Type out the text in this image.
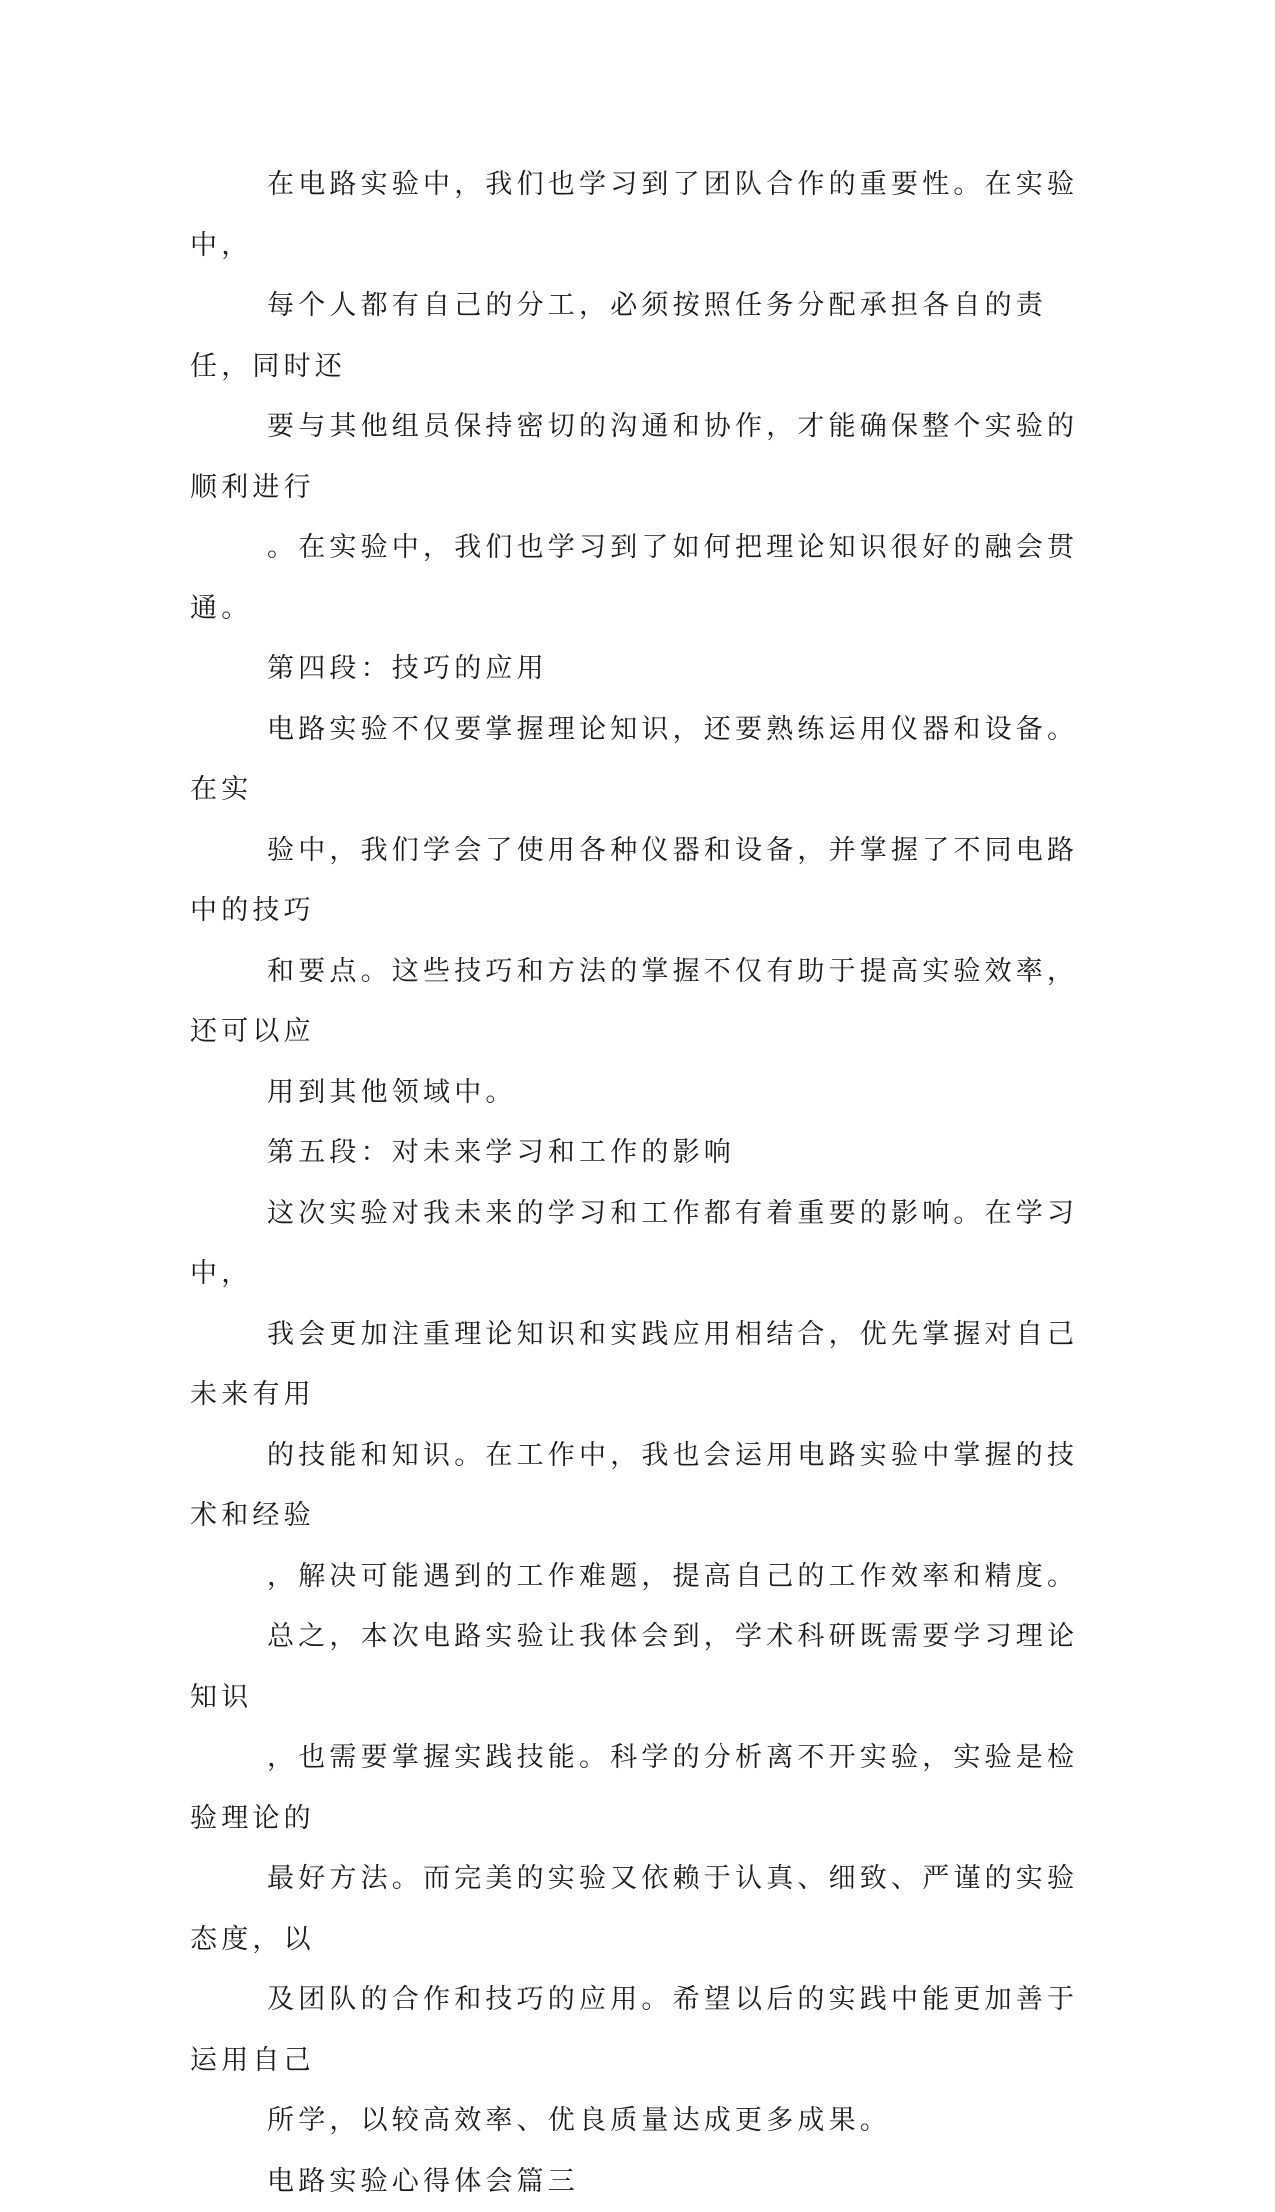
在电路实验中，我们也学习到了团队合作的重要性。在实验中，
每个人都有自己的分工，必须按照任务分配承担各自的责任，同时还
要与其他组员保持密切的沟通和协作，才能确保整个实验的顺利进行
。在实验中，我们也学习到了如何把理论知识很好的融会贯通。

第四段：技巧的应用

电路实验不仅要掌握理论知识，还要熟练运用仪器和设备。在实
验中，我们学会了使用各种仪器和设备，并掌握了不同电路中的技巧
和要点。这些技巧和方法的掌握不仅有助于提高实验效率，还可以应
用到其他领域中。

第五段：对未来学习和工作的影响

这次实验对我未来的学习和工作都有着重要的影响。在学习中，
我会更加注重理论知识和实践应用相结合，优先掌握对自己未来有用
的技能和知识。在工作中，我也会运用电路实验中掌握的技术和经验
，解决可能遇到的工作难题，提高自己的工作效率和精度。

总之，本次电路实验让我体会到，学术科研既需要学习理论知识
，也需要掌握实践技能。科学的分析离不开实验，实验是检验理论的
最好方法。而完美的实验又依赖于认真、细致、严谨的实验态度，以
及团队的合作和技巧的应用。希望以后的实践中能更加善于运用自己
所学，以较高效率、优良质量达成更多成果。

电路实验心得体会篇三
